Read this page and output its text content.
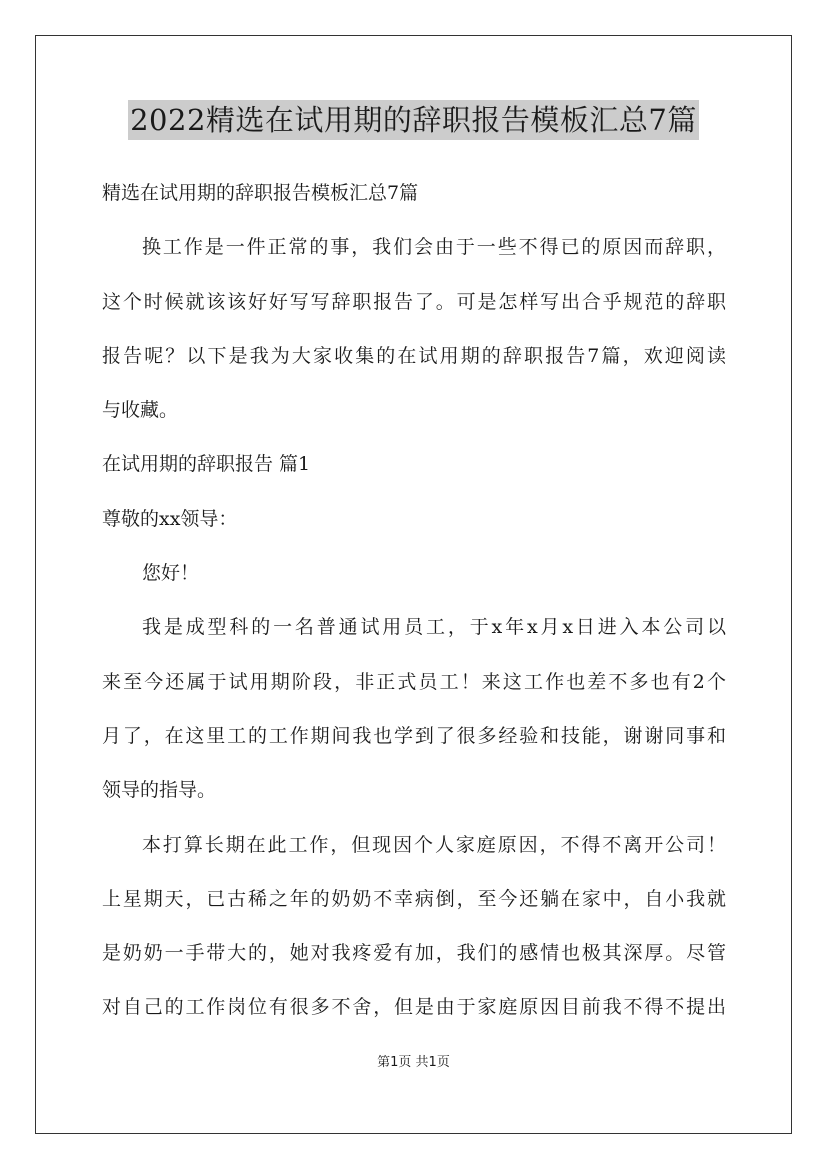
2022精选在试用期的辞职报告模板汇总7篇
精选在试用期的辞职报告模板汇总7篇
换工作是一件正常的事，我们会由于一些不得已的原因而辞职，
这个时候就该该好好写写辞职报告了。可是怎样写出合乎规范的辞职
报告呢？以下是我为大家收集的在试用期的辞职报告7篇，欢迎阅读
与收藏。
在试用期的辞职报告 篇1
尊敬的xx领导：
您好！
我是成型科的一名普通试用员工，于x年x月x日进入本公司以
来至今还属于试用期阶段，非正式员工！来这工作也差不多也有2个
月了，在这里工的工作期间我也学到了很多经验和技能，谢谢同事和
领导的指导。
本打算长期在此工作，但现因个人家庭原因，不得不离开公司！
上星期天，已古稀之年的奶奶不幸病倒，至今还躺在家中，自小我就
是奶奶一手带大的，她对我疼爱有加，我们的感情也极其深厚。尽管
对自己的工作岗位有很多不舍，但是由于家庭原因目前我不得不提出
第1页 共1页
